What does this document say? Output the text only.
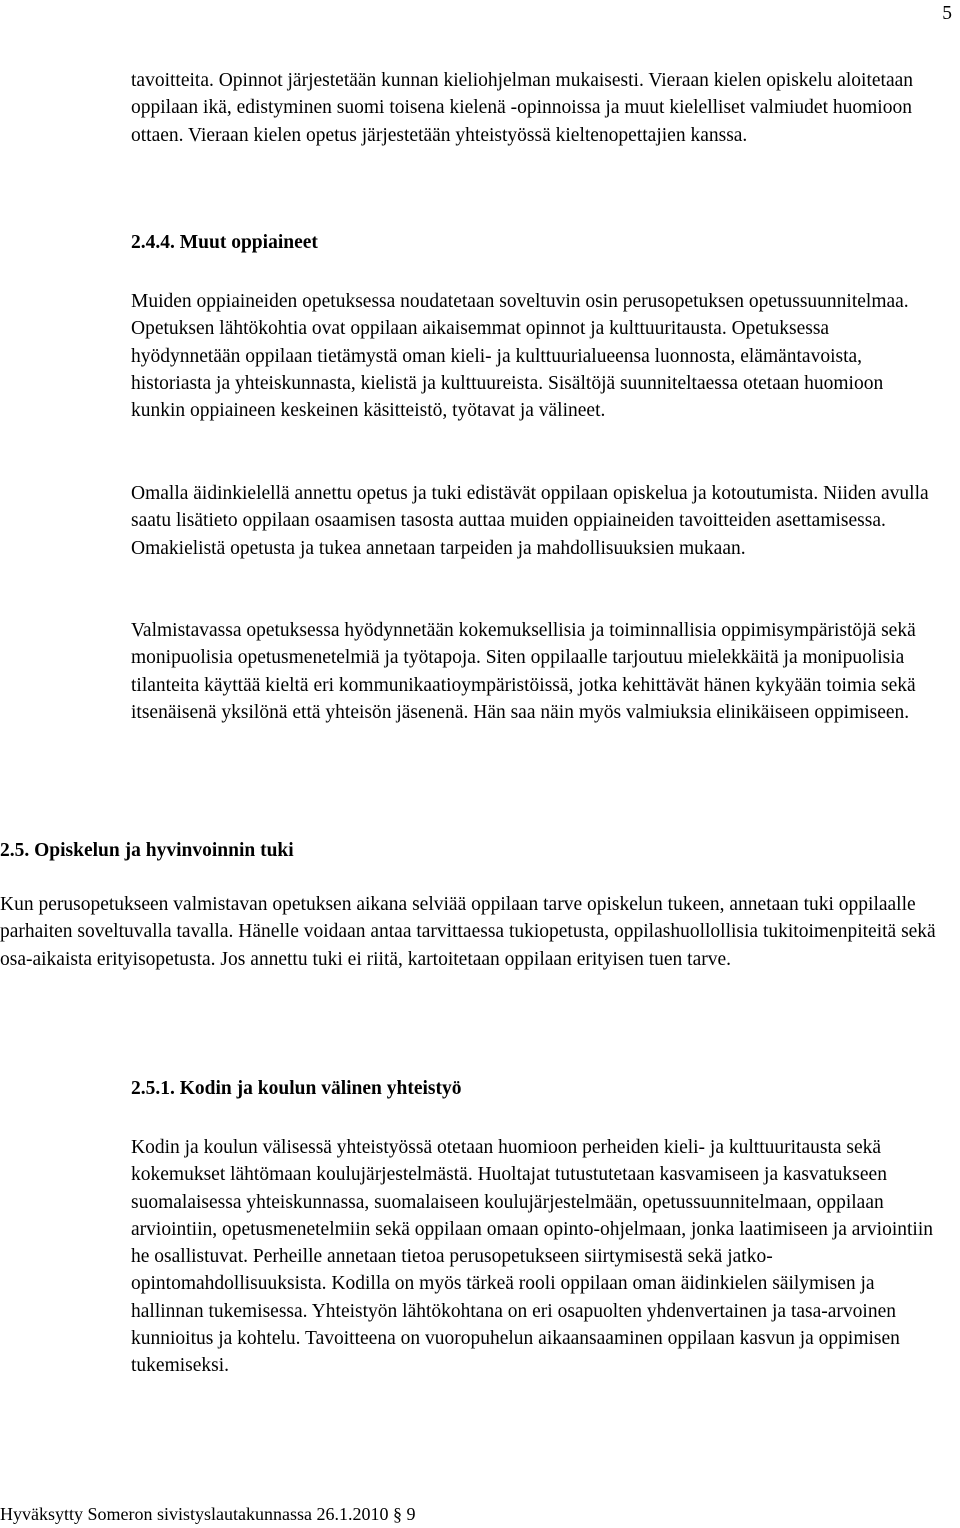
5

tavoitteita. Opinnot järjestetään kunnan kieliohjelman mukaisesti. Vieraan kielen opiskelu aloitetaan oppilaan ikä, edistyminen suomi toisena kielenä -opinnoissa ja muut kielelliset valmiudet huomioon ottaen. Vieraan kielen opetus järjestetään yhteistyössä kieltenopettajien kanssa.

2.4.4. Muut oppiaineet

Muiden oppiaineiden opetuksessa noudatetaan soveltuvin osin perusopetuksen opetussuunnitelmaa. Opetuksen lähtökohtia ovat oppilaan aikaisemmat opinnot ja kulttuuritausta. Opetuksessa hyödynnetään oppilaan tietämystä oman kieli- ja kulttuurialueensa luonnosta, elämäntavoista, historiasta ja yhteiskunnasta, kielistä ja kulttuureista. Sisältöjä suunniteltaessa otetaan huomioon kunkin oppiaineen keskeinen käsitteistö, työtavat ja välineet.

Omalla äidinkielellä annettu opetus ja tuki edistävät oppilaan opiskelua ja kotoutumista. Niiden avulla saatu lisätieto oppilaan osaamisen tasosta auttaa muiden oppiaineiden tavoitteiden asettamisessa. Omakielistä opetusta ja tukea annetaan tarpeiden ja mahdollisuuksien mukaan.

Valmistavassa opetuksessa hyödynnetään kokemuksellisia ja toiminnallisia oppimisympäristöjä sekä monipuolisia opetusmenetelmiä ja työtapoja. Siten oppilaalle tarjoutuu mielekkäitä ja monipuolisia tilanteita käyttää kieltä eri kommunikaatioympäristöissä, jotka kehittävät hänen kykyään toimia sekä itsenäisenä yksilönä että yhteisön jäsenenä. Hän saa näin myös valmiuksia elinikäiseen oppimiseen.

2.5. Opiskelun ja hyvinvoinnin tuki

Kun perusopetukseen valmistavan opetuksen aikana selviää oppilaan tarve opiskelun tukeen, annetaan tuki oppilaalle parhaiten soveltuvalla tavalla. Hänelle voidaan antaa tarvittaessa tukiopetusta, oppilashuollollisia tukitoimenpiteitä sekä osa-aikaista erityisopetusta. Jos annettu tuki ei riitä, kartoitetaan oppilaan erityisen tuen tarve.

2.5.1. Kodin ja koulun välinen yhteistyö

Kodin ja koulun välisessä yhteistyössä otetaan huomioon perheiden kieli- ja kulttuuritausta sekä kokemukset lähtömaan koulujärjestelmästä. Huoltajat tutustutetaan kasvamiseen ja kasvatukseen suomalaisessa yhteiskunnassa, suomalaiseen koulujärjestelmään, opetussuunnitelmaan, oppilaan arviointiin, opetusmenetelmiin sekä oppilaan omaan opinto-ohjelmaan, jonka laatimiseen ja arviointiin he osallistuvat. Perheille annetaan tietoa perusopetukseen siirtymisestä sekä jatko-opintomahdollisuuksista. Kodilla on myös tärkeä rooli oppilaan oman äidinkielen säilymisen ja hallinnan tukemisessa. Yhteistyön lähtökohtana on eri osapuolten yhdenvertainen ja tasa-arvoinen kunnioitus ja kohtelu. Tavoitteena on vuoropuhelun aikaansaaminen oppilaan kasvun ja oppimisen tukemiseksi.

Hyväksytty Someron sivistyslautakunnassa 26.1.2010 § 9
